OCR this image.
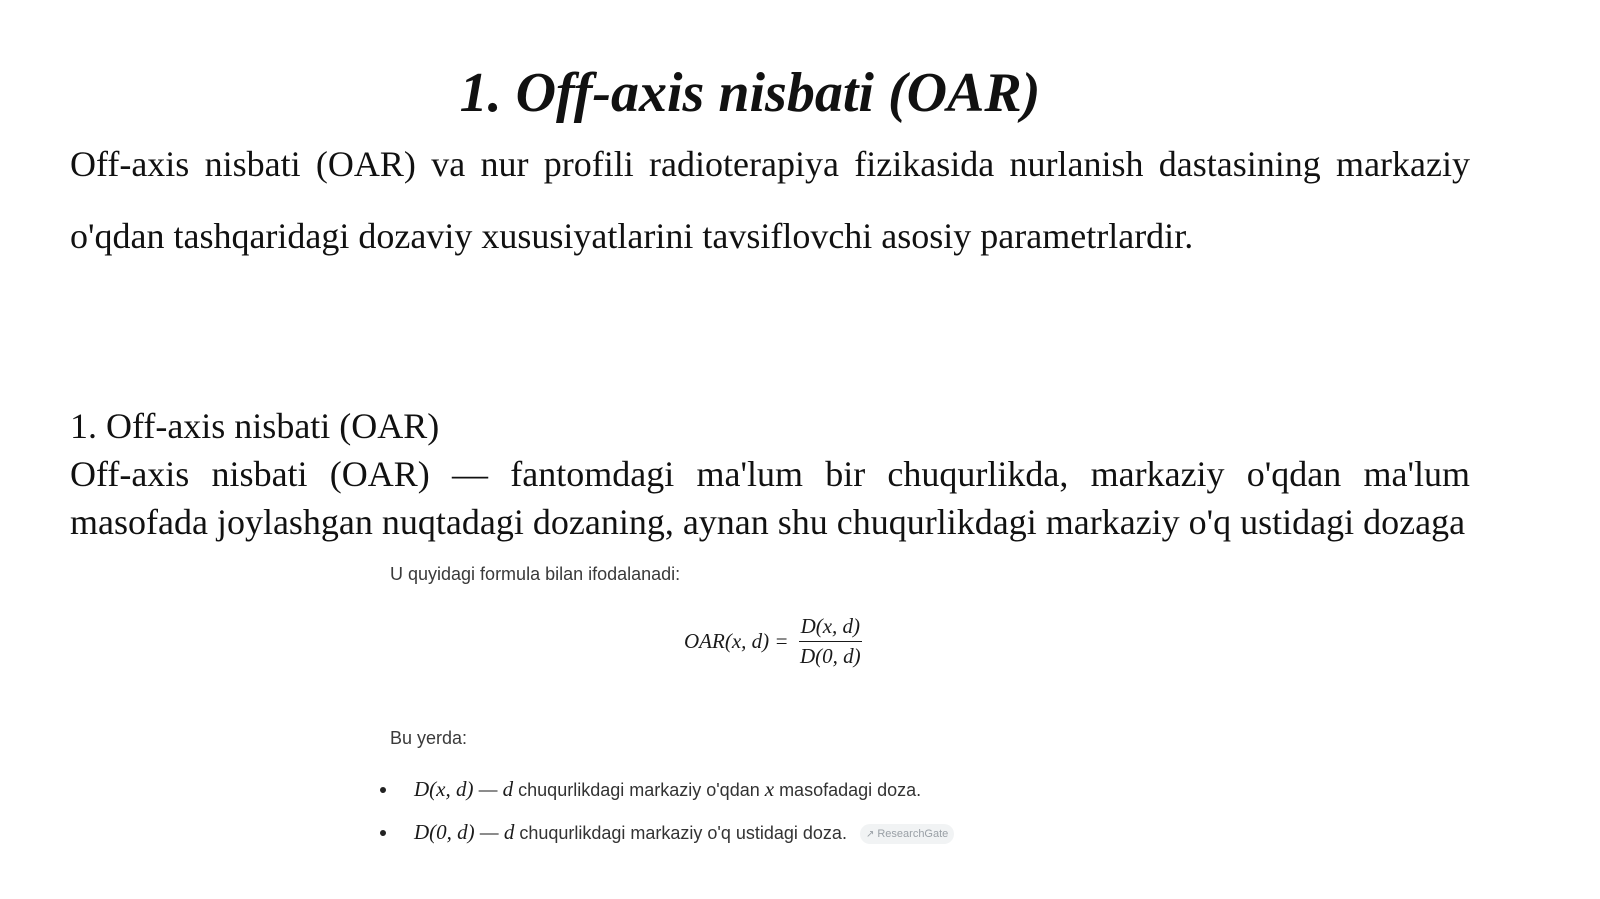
1. Off-axis nisbati (OAR)

Off-axis nisbati (OAR) va nur profili radioterapiya fizikasida nurlanish dastasining markaziy o'qdan tashqaridagi dozaviy xususiyatlarini tavsiflovchi asosiy parametrlardir.

1. Off-axis nisbati (OAR)

Off-axis nisbati (OAR) — fantomdagi ma'lum bir chuqurlikda, markaziy o'qdan ma'lum masofada joylashgan nuqtadagi dozaning, aynan shu chuqurlikdagi markaziy o'q ustidagi dozaga

U quyidagi formula bilan ifodalanadi:
OAR(x, $d) = \frac{D(x, d)}{D(0, d)}$
Bu yerda:
D(x, d) — d chuqurlikdagi markaziy o'qdan x masofadagi doza.
D(0, d) — d chuqurlikdagi markaziy o'q ustidagi doza. ↗ ResearchGate
